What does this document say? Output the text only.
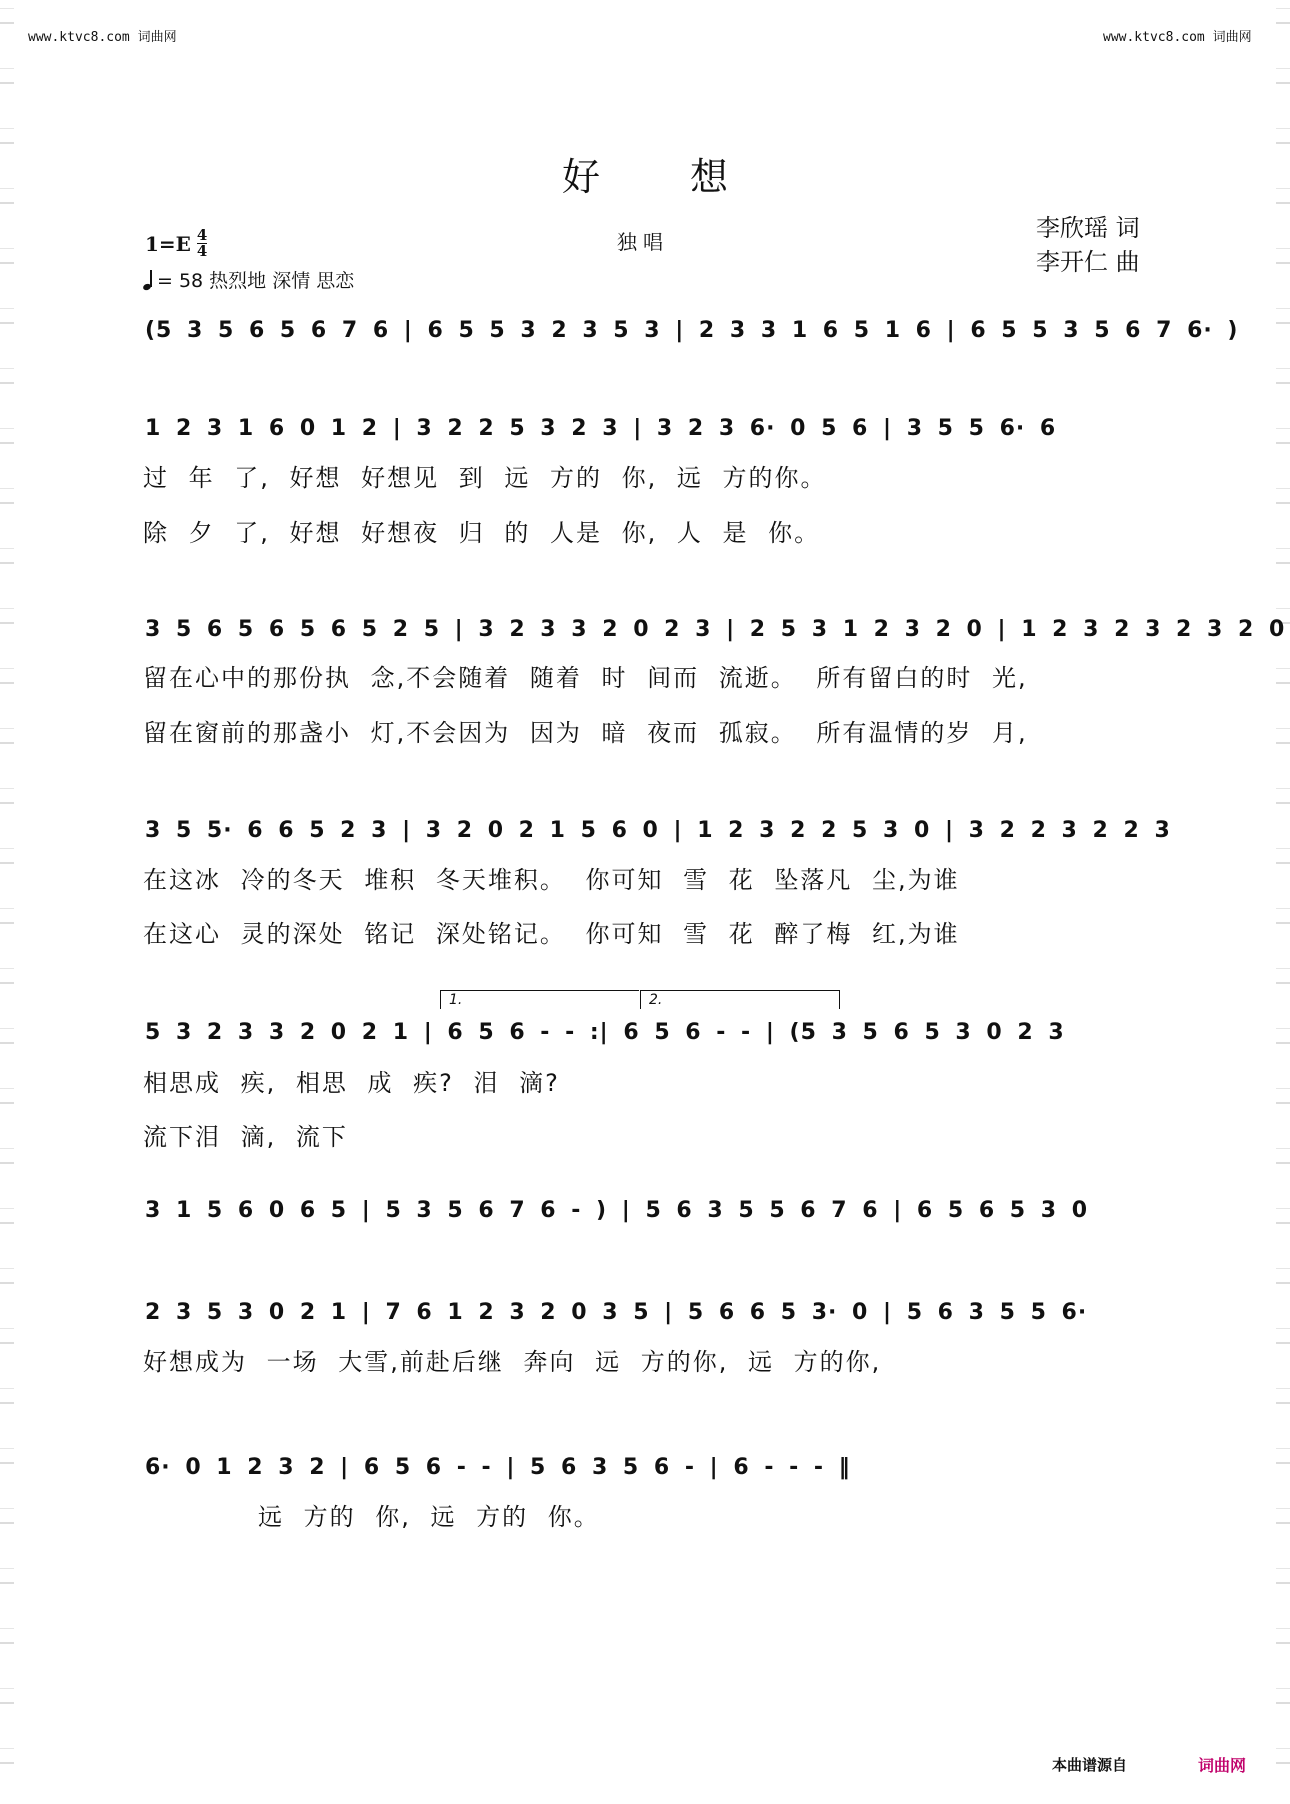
www.ktvc8.com 词曲网	www.ktvc8.com 词曲网
好想
$1=E \frac{4}{4}$
= 58 热烈地 深情 思恋
独唱	李欣瑶 词
李开仁 曲
(5 3 5 6 5 6 7 6 | 6 5 5 3 2 3 5 3 | 2 3 3 1 6 5 1 6 | 6 5 5 3 5 6 7 6· )
1 2 3 1 6 0 1 2 | 3 2 2 5 3 2 3 | 3 2 3 6· 0 5 6 | 3 5 5 6· 6
过 年 了, 好想 好想见 到 远 方的 你, 远 方的你。
除 夕 了, 好想 好想夜 归 的 人是 你, 人 是 你。
3 5 6 5 6 5 6 5 2 5 | 3 2 3 3 2 0 2 3 | 2 5 3 1 2 3 2 0 | 1 2 3 2 3 2 3 2 0
留在心中的那份执 念,不会随着 随着 时 间而 流逝。 所有留白的时 光,
留在窗前的那盏小 灯,不会因为 因为 暗 夜而 孤寂。 所有温情的岁 月,
3 5 5· 6 6 5 2 3 | 3 2 0 2 1 5 6 0 | 1 2 3 2 2 5 3 0 | 3 2 2 3 2 2 3
在这冰 冷的冬天 堆积 冬天堆积。 你可知 雪 花 坠落凡 尘,为谁
在这心 灵的深处 铭记 深处铭记。 你可知 雪 花 醉了梅 红,为谁
1.	2.
5 3 2 3 3 2 0 2 1 | 6 5 6 - - :| 6 5 6 - - | (5 3 5 6 5 3 0 2 3
相思成 疾, 相思 成 疾? 泪 滴?
流下泪 滴, 流下
3 1 5 6 0 6 5 | 5 3 5 6 7 6 - ) | 5 6 3 5 5 6 7 6 | 6 5 6 5 3 0
2 3 5 3 0 2 1 | 7 6 1 2 3 2 0 3 5 | 5 6 6 5 3· 0 | 5 6 3 5 5 6·
好想成为 一场 大雪,前赴后继 奔向 远 方的你, 远 方的你,
6· 0 1 2 3 2 | 6 5 6 - - | 5 6 3 5 6 - | 6 - - - ‖
远 方的 你, 远 方的 你。
本曲谱源自	词曲网
